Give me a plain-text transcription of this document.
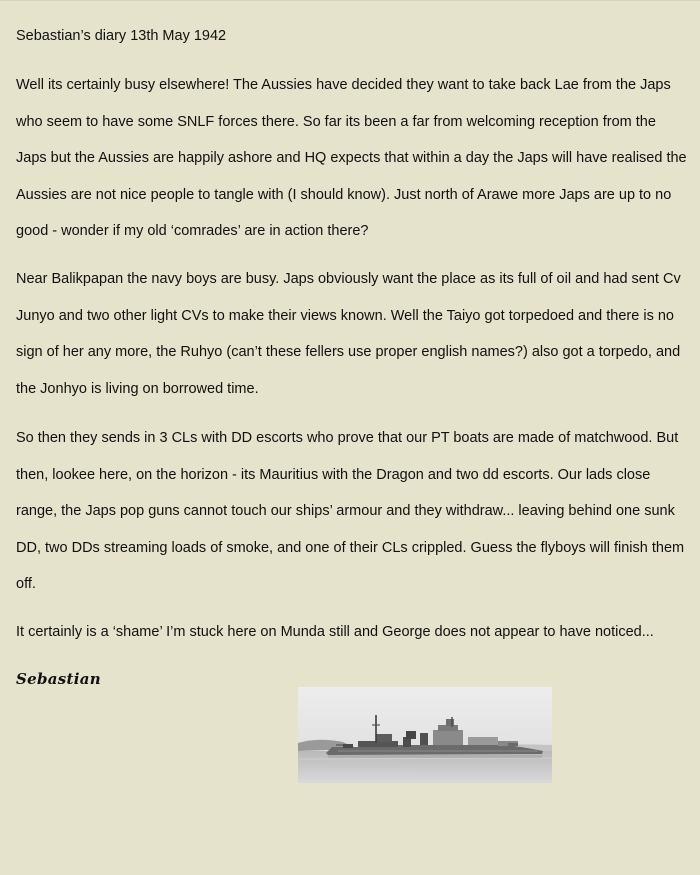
Sebastian’s diary 13th May 1942

Well its certainly busy elsewhere! The Aussies have decided they want to take back Lae from the Japs who seem to have some SNLF forces there. So far its been a far from welcoming reception from the Japs but the Aussies are happily ashore and HQ expects that within a day the Japs will have realised the Aussies are not nice people to tangle with (I should know). Just north of Arawe more Japs are up to no good - wonder if my old ‘comrades’ are in action there?

Near Balikpapan the navy boys are busy. Japs obviously want the place as its full of oil and had sent Cv Junyo and two other light CVs to make their views known. Well the Taiyo got torpedoed and there is no sign of her any more, the Ruhyo (can’t these fellers use proper english names?) also got a torpedo, and the Jonhyo is living on borrowed time.

So then they sends in 3 CLs with DD escorts who prove that our PT boats are made of matchwood. But then, lookee here, on the horizon - its Mauritius with the Dragon and two dd escorts. Our lads close range, the Japs pop guns cannot touch our ships’ armour and they withdraw... leaving behind one sunk DD, two DDs streaming loads of smoke, and one of their CLs crippled. Guess the flyboys will finish them off.

It certainly is a ‘shame’ I’m stuck here on Munda still and George does not appear to have noticed...

Sebastian
